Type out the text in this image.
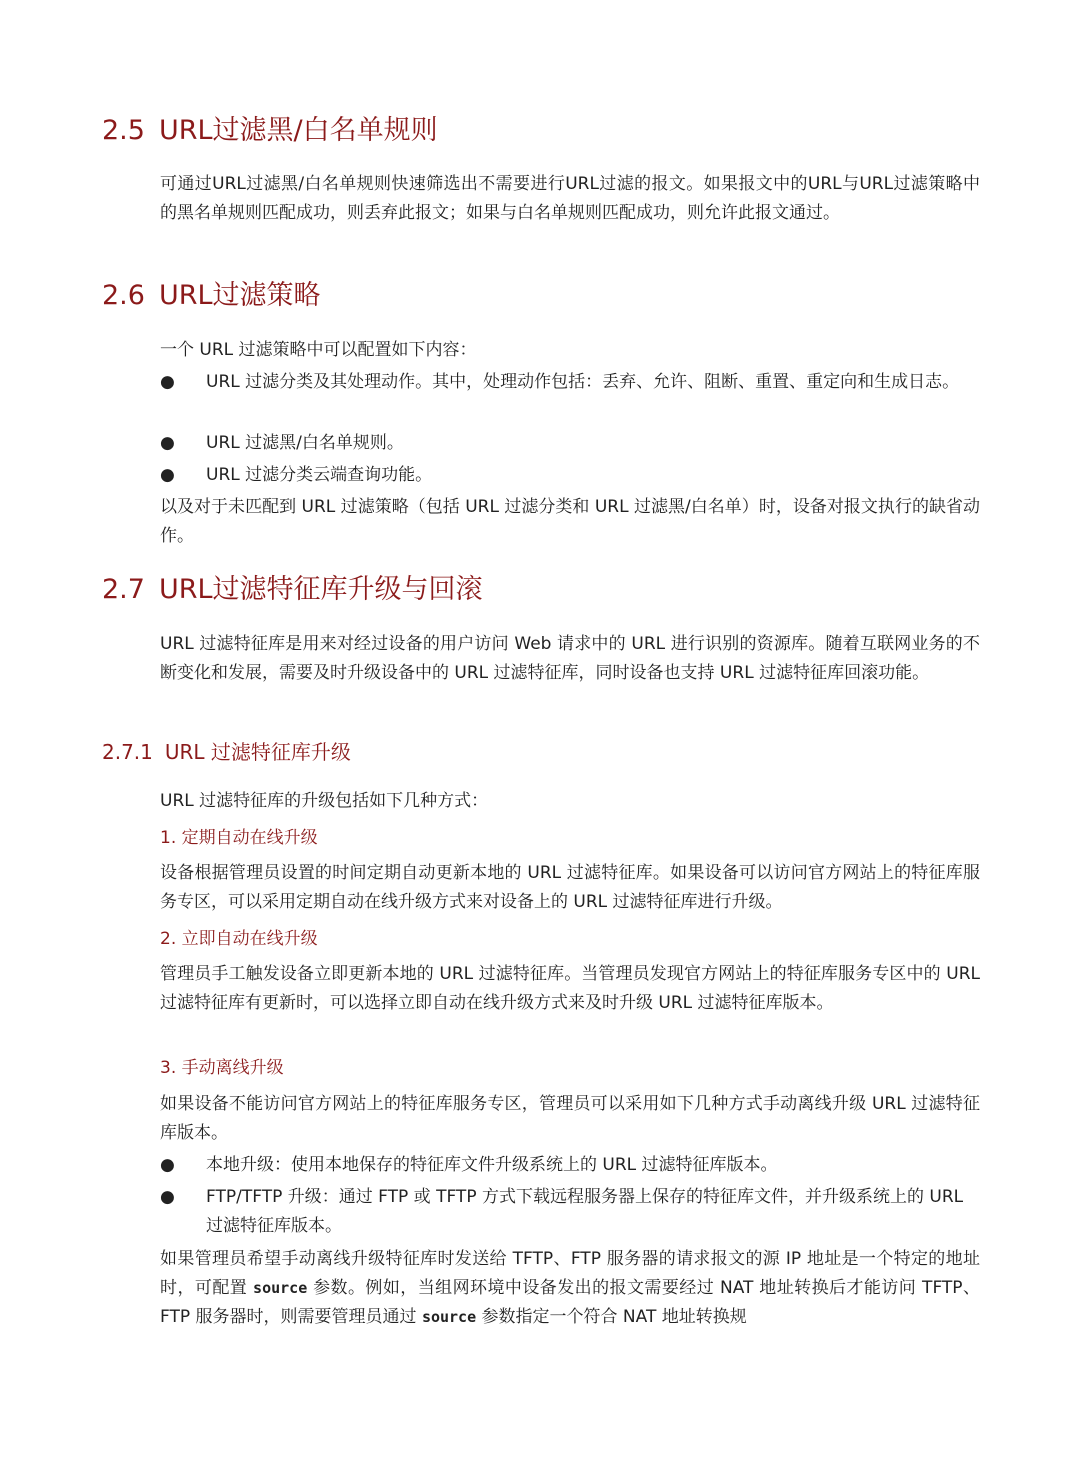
2.5 URL过滤黑/白名单规则

可通过URL过滤黑/白名单规则快速筛选出不需要进行URL过滤的报文。如果报文中的URL与URL过滤策略中的黑名单规则匹配成功，则丢弃此报文；如果与白名单规则匹配成功，则允许此报文通过。

2.6 URL过滤策略

一个 URL 过滤策略中可以配置如下内容：

●	URL 过滤分类及其处理动作。其中，处理动作包括：丢弃、允许、阻断、重置、重定向和生成日志。
●	URL 过滤黑/白名单规则。
●	URL 过滤分类云端查询功能。

以及对于未匹配到 URL 过滤策略（包括 URL 过滤分类和 URL 过滤黑/白名单）时，设备对报文执行的缺省动作。

2.7 URL过滤特征库升级与回滚

URL 过滤特征库是用来对经过设备的用户访问 Web 请求中的 URL 进行识别的资源库。随着互联网业务的不断变化和发展，需要及时升级设备中的 URL 过滤特征库，同时设备也支持 URL 过滤特征库回滚功能。

2.7.1 URL 过滤特征库升级

URL 过滤特征库的升级包括如下几种方式：

1. 定期自动在线升级

设备根据管理员设置的时间定期自动更新本地的 URL 过滤特征库。如果设备可以访问官方网站上的特征库服务专区，可以采用定期自动在线升级方式来对设备上的 URL 过滤特征库进行升级。

2. 立即自动在线升级

管理员手工触发设备立即更新本地的 URL 过滤特征库。当管理员发现官方网站上的特征库服务专区中的 URL 过滤特征库有更新时，可以选择立即自动在线升级方式来及时升级 URL 过滤特征库版本。

3. 手动离线升级

如果设备不能访问官方网站上的特征库服务专区，管理员可以采用如下几种方式手动离线升级 URL 过滤特征库版本。

●	本地升级：使用本地保存的特征库文件升级系统上的 URL 过滤特征库版本。
●	FTP/TFTP 升级：通过 FTP 或 TFTP 方式下载远程服务器上保存的特征库文件，并升级系统上的 URL 过滤特征库版本。

如果管理员希望手动离线升级特征库时发送给 TFTP、FTP 服务器的请求报文的源 IP 地址是一个特定的地址时，可配置 source 参数。例如，当组网环境中设备发出的报文需要经过 NAT 地址转换后才能访问 TFTP、FTP 服务器时，则需要管理员通过 source 参数指定一个符合 NAT 地址转换规
